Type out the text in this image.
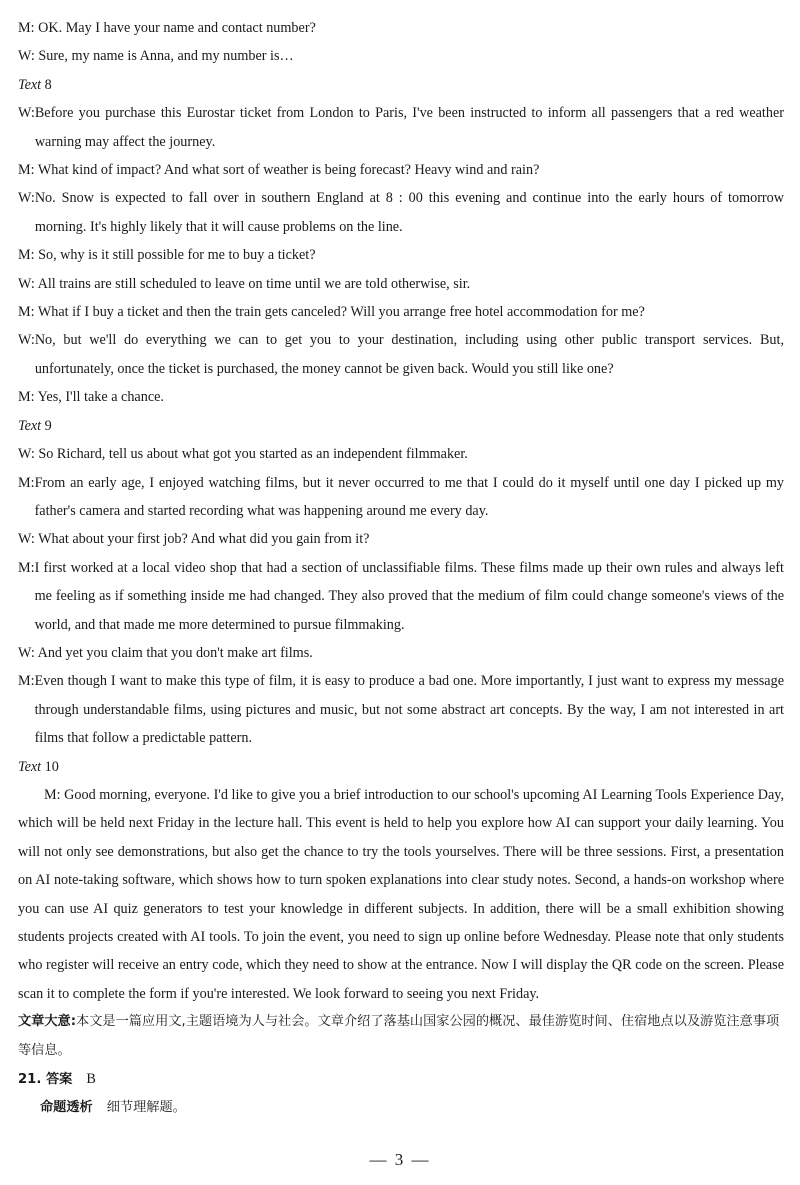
M: OK. May I have your name and contact number?
W: Sure, my name is Anna, and my number is…
Text 8
W: Before you purchase this Eurostar ticket from London to Paris, I've been instructed to inform all passengers that a red weather warning may affect the journey.
M: What kind of impact? And what sort of weather is being forecast? Heavy wind and rain?
W: No. Snow is expected to fall over in southern England at 8 : 00 this evening and continue into the early hours of tomorrow morning. It's highly likely that it will cause problems on the line.
M: So, why is it still possible for me to buy a ticket?
W: All trains are still scheduled to leave on time until we are told otherwise, sir.
M: What if I buy a ticket and then the train gets canceled? Will you arrange free hotel accommodation for me?
W: No, but we'll do everything we can to get you to your destination, including using other public transport services. But, unfortunately, once the ticket is purchased, the money cannot be given back. Would you still like one?
M: Yes, I'll take a chance.
Text 9
W: So Richard, tell us about what got you started as an independent filmmaker.
M: From an early age, I enjoyed watching films, but it never occurred to me that I could do it myself until one day I picked up my father's camera and started recording what was happening around me every day.
W: What about your first job? And what did you gain from it?
M: I first worked at a local video shop that had a section of unclassifiable films. These films made up their own rules and always left me feeling as if something inside me had changed. They also proved that the medium of film could change someone's views of the world, and that made me more determined to pursue filmmaking.
W: And yet you claim that you don't make art films.
M: Even though I want to make this type of film, it is easy to produce a bad one. More importantly, I just want to express my message through understandable films, using pictures and music, but not some abstract art concepts. By the way, I am not interested in art films that follow a predictable pattern.
Text 10
M: Good morning, everyone. I'd like to give you a brief introduction to our school's upcoming AI Learning Tools Experience Day, which will be held next Friday in the lecture hall. This event is held to help you explore how AI can support your daily learning. You will not only see demonstrations, but also get the chance to try the tools yourselves. There will be three sessions. First, a presentation on AI note-taking software, which shows how to turn spoken explanations into clear study notes. Second, a hands-on workshop where you can use AI quiz generators to test your knowledge in different subjects. In addition, there will be a small exhibition showing students projects created with AI tools. To join the event, you need to sign up online before Wednesday. Please note that only students who register will receive an entry code, which they need to show at the entrance. Now I will display the QR code on the screen. Please scan it to complete the form if you're interested. We look forward to seeing you next Friday.
文章大意:本文是一篇应用文,主题语境为人与社会。文章介绍了落基山国家公园的概况、最佳游览时间、住宿地点以及游览注意事项等信息。
21. 答案 B
命题透析 细节理解题。
— 3 —
